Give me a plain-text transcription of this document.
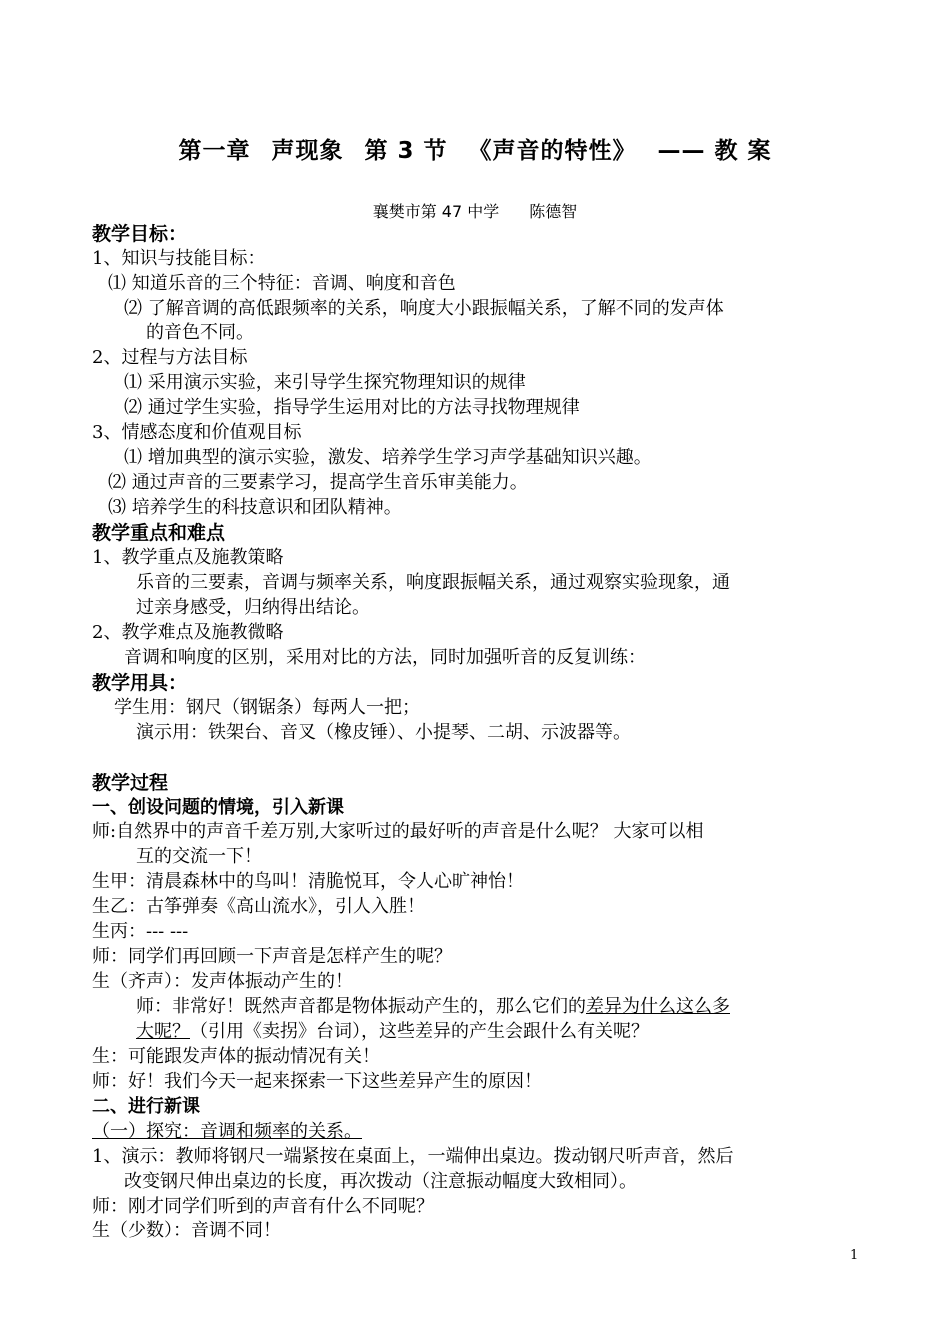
第一章 声现象 第 3 节 《声音的特性》 —— 教 案
襄樊市第 47 中学 陈德智
教学目标：
1、知识与技能目标：
⑴ 知道乐音的三个特征：音调、响度和音色
⑵ 了解音调的高低跟频率的关系，响度大小跟振幅关系，了解不同的发声体
的音色不同。
2、过程与方法目标
⑴ 采用演示实验，来引导学生探究物理知识的规律
⑵ 通过学生实验，指导学生运用对比的方法寻找物理规律
3、情感态度和价值观目标
⑴ 增加典型的演示实验，激发、培养学生学习声学基础知识兴趣。
⑵ 通过声音的三要素学习，提高学生音乐审美能力。
⑶ 培养学生的科技意识和团队精神。
教学重点和难点
1、教学重点及施教策略
乐音的三要素，音调与频率关系，响度跟振幅关系，通过观察实验现象，通
过亲身感受，归纳得出结论。
2、教学难点及施教微略
音调和响度的区别，采用对比的方法，同时加强听音的反复训练：
教学用具：
学生用：钢尺（钢锯条）每两人一把；
演示用：铁架台、音叉（橡皮锤）、小提琴、二胡、示波器等。
教学过程
一、创设问题的情境，引入新课
师:自然界中的声音千差万别,大家听过的最好听的声音是什么呢？ 大家可以相
互的交流一下！
生甲：清晨森林中的鸟叫！清脆悦耳，令人心旷神怡！
生乙：古筝弹奏《高山流水》，引人入胜！
生丙：--- ---
师：同学们再回顾一下声音是怎样产生的呢？
生（齐声）：发声体振动产生的！
师：非常好！既然声音都是物体振动产生的，那么它们的差异为什么这么多
大呢？（引用《卖拐》台词），这些差异的产生会跟什么有关呢？
生：可能跟发声体的振动情况有关！
师：好！我们今天一起来探索一下这些差异产生的原因！
二、进行新课
（一）探究：音调和频率的关系。
1、演示：教师将钢尺一端紧按在桌面上，一端伸出桌边。拨动钢尺听声音，然后
改变钢尺伸出桌边的长度，再次拨动（注意振动幅度大致相同）。
师：刚才同学们听到的声音有什么不同呢？
生（少数）：音调不同！
1
